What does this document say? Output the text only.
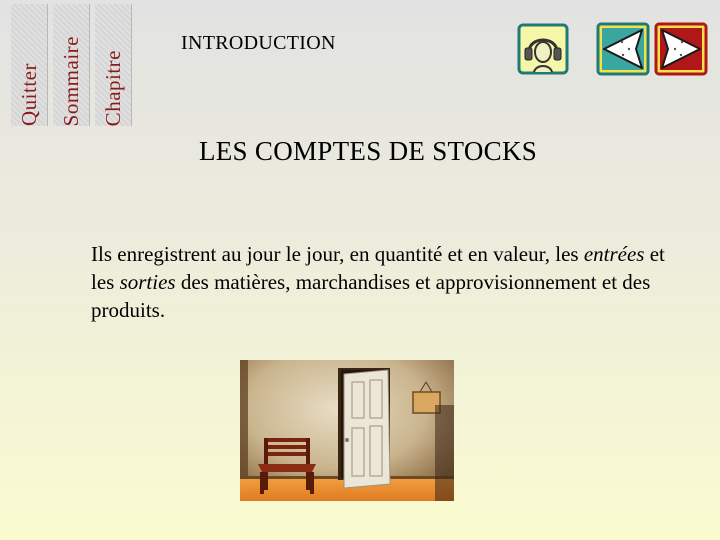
Quitter Sommaire Chapitre
INTRODUCTION
LES COMPTES DE STOCKS
Ils enregistrent au jour le jour, en quantité et en valeur, les entrées et les sorties des matières, marchandises et approvisionnement et des produits.
